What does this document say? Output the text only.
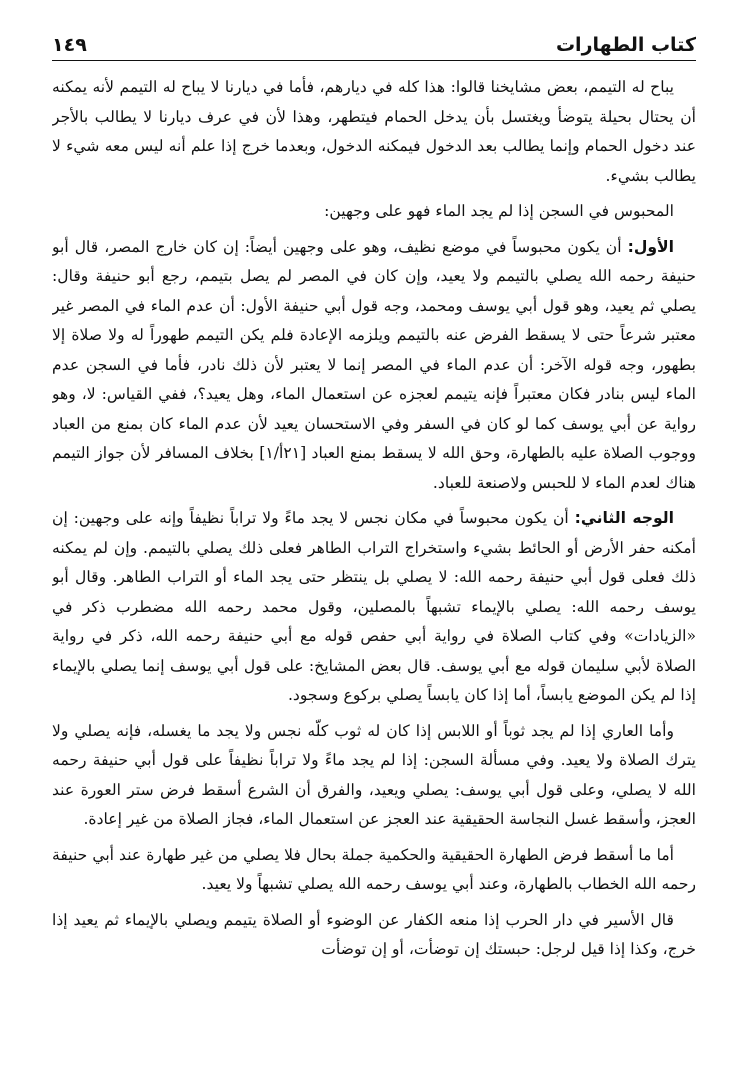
كتاب الطهارات
١٤٩

يباح له التيمم، بعض مشايخنا قالوا: هذا كله في ديارهم، فأما في ديارنا لا يباح له التيمم لأنه يمكنه أن يحتال بحيلة يتوضأ ويغتسل بأن يدخل الحمام فيتطهر، وهذا لأن في عرف ديارنا لا يطالب بالأجر عند دخول الحمام وإنما يطالب بعد الدخول فيمكنه الدخول، وبعدما خرج إذا علم أنه ليس معه شيء لا يطالب بشيء.

المحبوس في السجن إذا لم يجد الماء فهو على وجهين:

الأول: أن يكون محبوساً في موضع نظيف، وهو على وجهين أيضاً: إن كان خارج المصر، قال أبو حنيفة رحمه الله يصلي بالتيمم ولا يعيد، وإن كان في المصر لم يصل بتيمم، رجع أبو حنيفة وقال: يصلي ثم يعيد، وهو قول أبي يوسف ومحمد، وجه قول أبي حنيفة الأول: أن عدم الماء في المصر غير معتبر شرعاً حتى لا يسقط الفرض عنه بالتيمم ويلزمه الإعادة فلم يكن التيمم طهوراً له ولا صلاة إلا بطهور، وجه قوله الآخر: أن عدم الماء في المصر إنما لا يعتبر لأن ذلك نادر، فأما في السجن عدم الماء ليس بنادر فكان معتبراً فإنه يتيمم لعجزه عن استعمال الماء، وهل يعيد؟، ففي القياس: لا، وهو رواية عن أبي يوسف كما لو كان في السفر وفي الاستحسان يعيد لأن عدم الماء كان بمنع من العباد ووجوب الصلاة عليه بالطهارة، وحق الله لا يسقط بمنع العباد [٢١أ/١] بخلاف المسافر لأن جواز التيمم هناك لعدم الماء لا للحبس ولاصنعة للعباد.

الوجه الثاني: أن يكون محبوساً في مكان نجس لا يجد ماءً ولا تراباً نظيفاً وإنه على وجهين: إن أمكنه حفر الأرض أو الحائط بشيء واستخراج التراب الطاهر فعلى ذلك يصلي بالتيمم. وإن لم يمكنه ذلك فعلى قول أبي حنيفة رحمه الله: لا يصلي بل ينتظر حتى يجد الماء أو التراب الطاهر. وقال أبو يوسف رحمه الله: يصلي بالإيماء تشبهاً بالمصلين، وقول محمد رحمه الله مضطرب ذكر في «الزيادات» وفي كتاب الصلاة في رواية أبي حفص قوله مع أبي حنيفة رحمه الله، ذكر في رواية الصلاة لأبي سليمان قوله مع أبي يوسف. قال بعض المشايخ: على قول أبي يوسف إنما يصلي بالإيماء إذا لم يكن الموضع يابساً، أما إذا كان يابساً يصلي بركوع وسجود.

وأما العاري إذا لم يجد ثوباً أو اللابس إذا كان له ثوب كلّه نجس ولا يجد ما يغسله، فإنه يصلي ولا يترك الصلاة ولا يعيد. وفي مسألة السجن: إذا لم يجد ماءً ولا تراباً نظيفاً على قول أبي حنيفة رحمه الله لا يصلي، وعلى قول أبي يوسف: يصلي ويعيد، والفرق أن الشرع أسقط فرض ستر العورة عند العجز، وأسقط غسل النجاسة الحقيقية عند العجز عن استعمال الماء، فجاز الصلاة من غير إعادة.

أما ما أسقط فرض الطهارة الحقيقية والحكمية جملة بحال فلا يصلي من غير طهارة عند أبي حنيفة رحمه الله الخطاب بالطهارة، وعند أبي يوسف رحمه الله يصلي تشبهاً ولا يعيد.

قال الأسير في دار الحرب إذا منعه الكفار عن الوضوء أو الصلاة يتيمم ويصلي بالإيماء ثم يعيد إذا خرج، وكذا إذا قيل لرجل: حبستك إن توضأت، أو إن توضأت
